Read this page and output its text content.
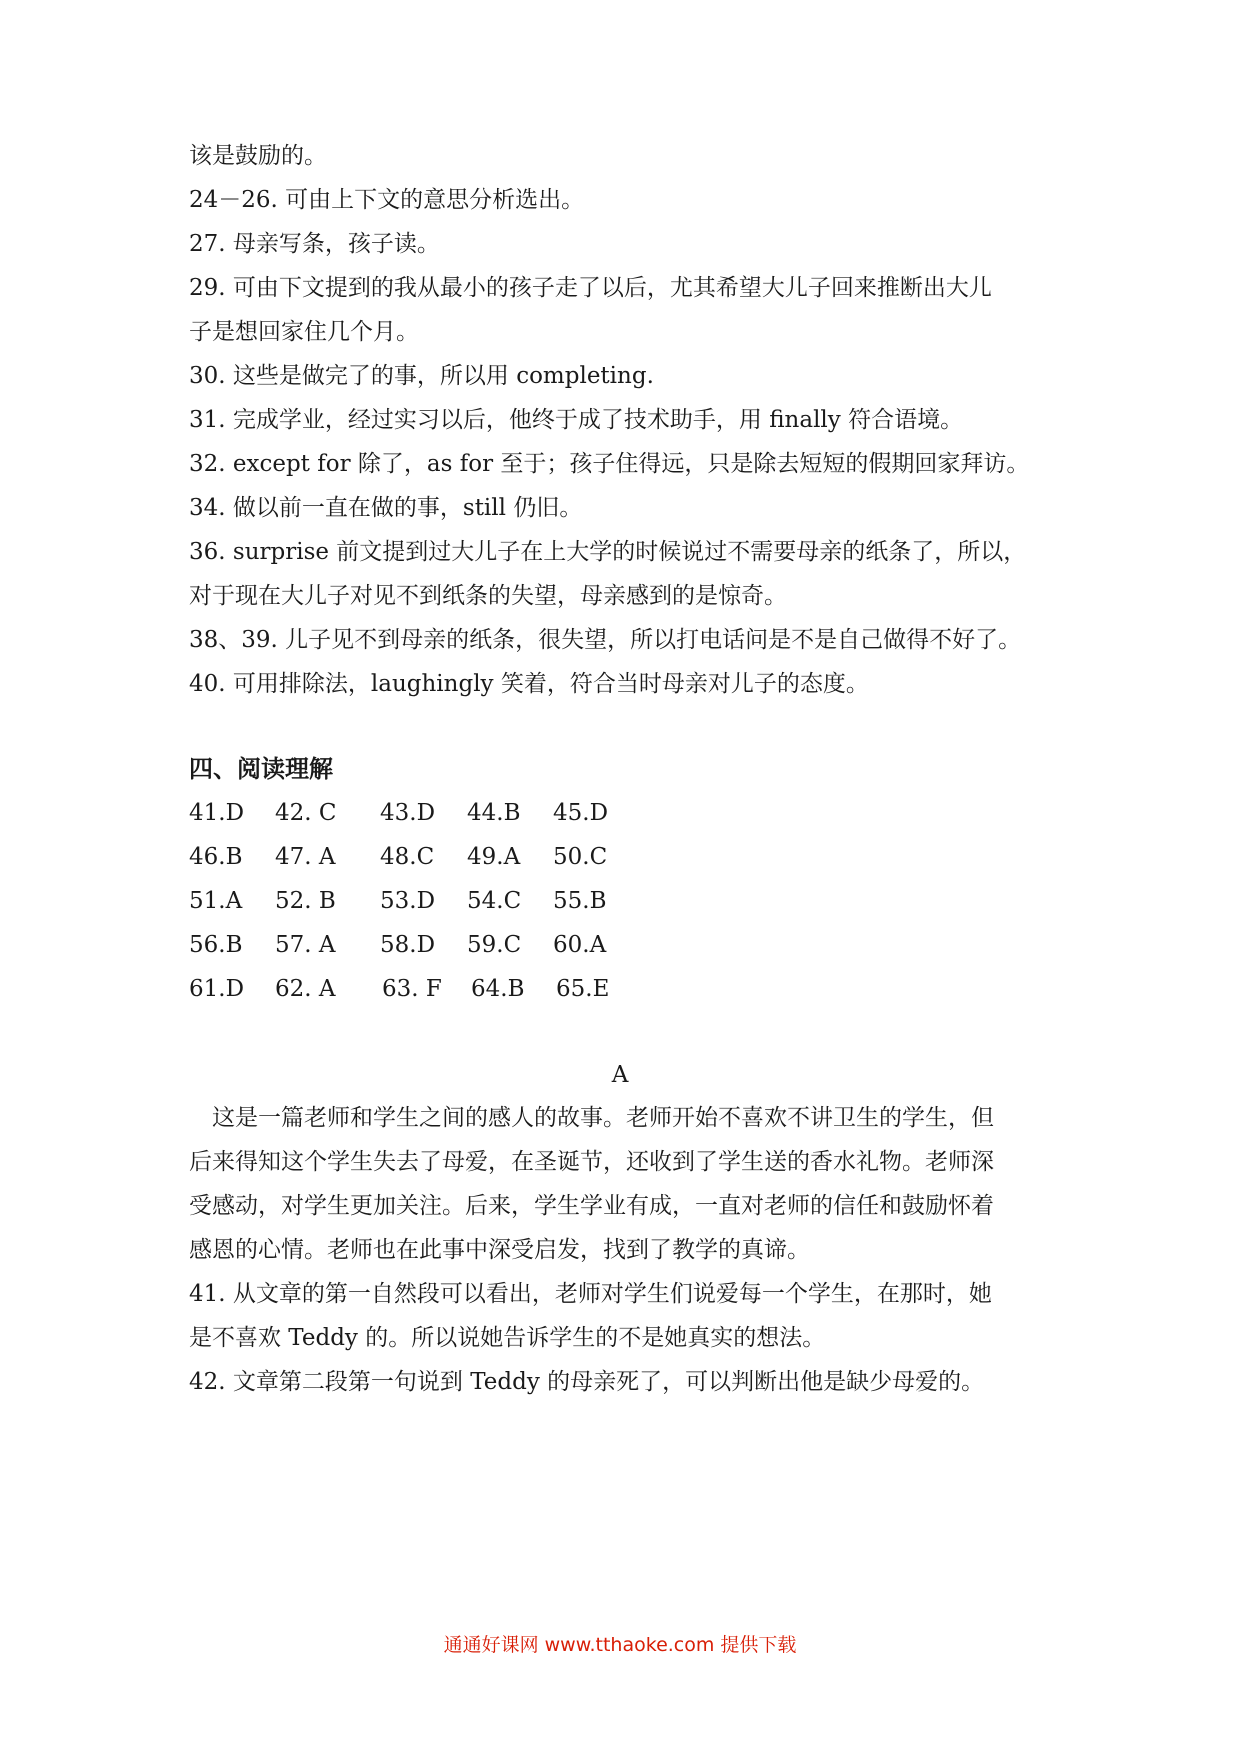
该是鼓励的。
24－26. 可由上下文的意思分析选出。
27. 母亲写条，孩子读。
29. 可由下文提到的我从最小的孩子走了以后，尤其希望大儿子回来推断出大儿
子是想回家住几个月。
30. 这些是做完了的事，所以用 completing.
31. 完成学业，经过实习以后，他终于成了技术助手，用 finally 符合语境。
32. except for 除了，as for 至于；孩子住得远，只是除去短短的假期回家拜访。
34. 做以前一直在做的事，still 仍旧。
36. surprise 前文提到过大儿子在上大学的时候说过不需要母亲的纸条了，所以，
对于现在大儿子对见不到纸条的失望，母亲感到的是惊奇。
38、39. 儿子见不到母亲的纸条，很失望，所以打电话问是不是自己做得不好了。
40. 可用排除法，laughingly 笑着，符合当时母亲对儿子的态度。
四、阅读理解
41.D 42. C 43.D 44.B 45.D
46.B 47. A 48.C 49.A 50.C
51.A 52. B 53.D 54.C 55.B
56.B 57. A 58.D 59.C 60.A
61.D 62. A 63. F 64.B 65.E
A
　这是一篇老师和学生之间的感人的故事。老师开始不喜欢不讲卫生的学生，但
后来得知这个学生失去了母爱，在圣诞节，还收到了学生送的香水礼物。老师深
受感动，对学生更加关注。后来，学生学业有成，一直对老师的信任和鼓励怀着
感恩的心情。老师也在此事中深受启发，找到了教学的真谛。
41. 从文章的第一自然段可以看出，老师对学生们说爱每一个学生，在那时，她
是不喜欢 Teddy 的。所以说她告诉学生的不是她真实的想法。
42. 文章第二段第一句说到 Teddy 的母亲死了，可以判断出他是缺少母爱的。
通通好课网 www.tthaoke.com 提供下载
